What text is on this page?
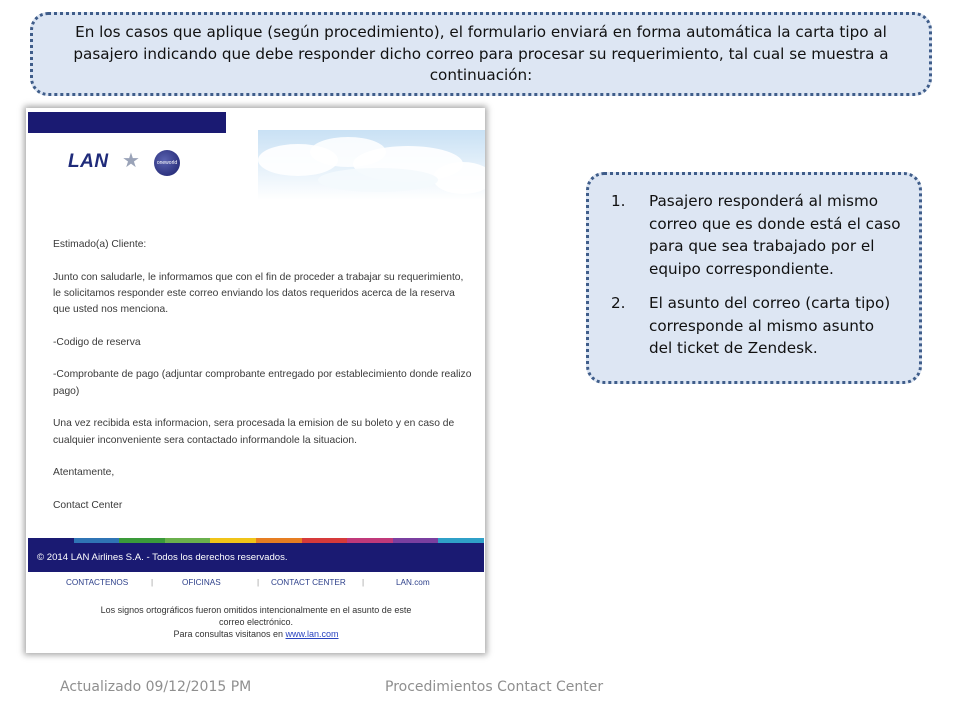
En los casos que aplique (según procedimiento), el formulario enviará en forma automática la carta tipo al pasajero indicando que debe responder dicho correo para procesar su requerimiento, tal cual se muestra a continuación:
LAN ★	oneworld

Estimado(a) Cliente:

Junto con saludarle, le informamos que con el fin de proceder a trabajar su requerimiento, le solicitamos responder este correo enviando los datos requeridos acerca de la reserva que usted nos menciona.

-Codigo de reserva

-Comprobante de pago (adjuntar comprobante entregado por establecimiento donde realizo pago)

Una vez recibida esta informacion, sera procesada la emision de su boleto y en caso de cualquier inconveniente sera contactado informandole la situacion.

Atentamente,

Contact Center

© 2014 LAN Airlines S.A. - Todos los derechos reservados.
CONTACTENOS	|	OFICINAS	| CONTACT CENTER |	LAN.com
Los signos ortográficos fueron omitidos intencionalmente en el asunto de este
correo electrónico.
Para consultas visitanos en www.lan.com
1.	Pasajero responderá al mismo correo que es donde está el caso para que sea trabajado por el equipo correspondiente.
2.	El asunto del correo (carta tipo) corresponde al mismo asunto del ticket de Zendesk.
Actualizado 09/12/2015 PM	Procedimientos Contact Center
